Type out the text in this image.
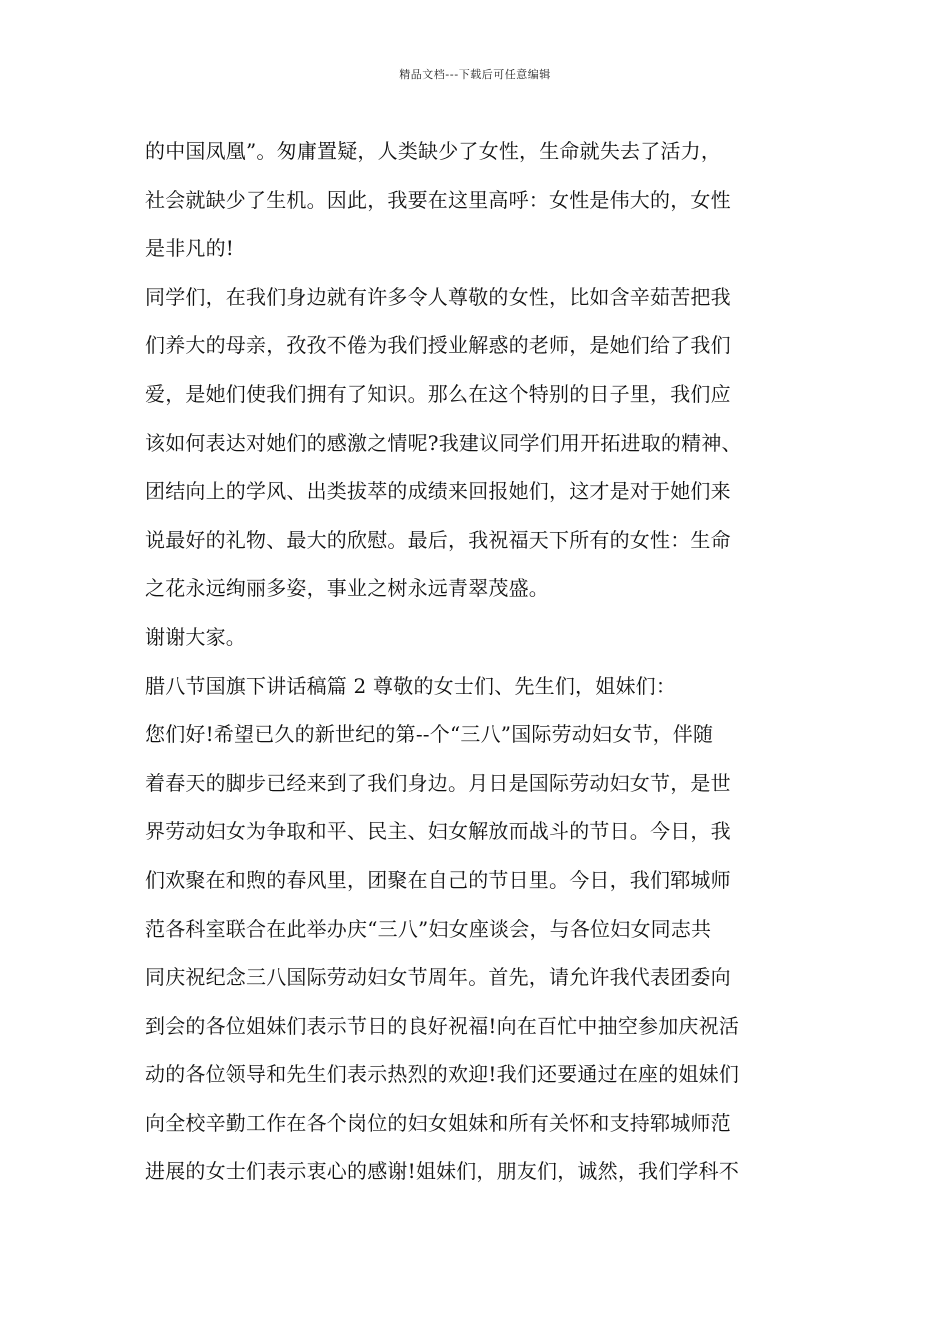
精品文档---下载后可任意编辑
的中国凤凰”。匆庸置疑，人类缺少了女性，生命就失去了活力，
社会就缺少了生机。因此，我要在这里高呼：女性是伟大的，女性
是非凡的!
同学们，在我们身边就有许多令人尊敬的女性，比如含辛茹苦把我
们养大的母亲，孜孜不倦为我们授业解惑的老师，是她们给了我们
爱，是她们使我们拥有了知识。那么在这个特别的日子里，我们应
该如何表达对她们的感激之情呢?我建议同学们用开拓进取的精神、
团结向上的学风、出类拔萃的成绩来回报她们，这才是对于她们来
说最好的礼物、最大的欣慰。最后，我祝福天下所有的女性：生命
之花永远绚丽多姿，事业之树永远青翠茂盛。
谢谢大家。
腊八节国旗下讲话稿篇 2 尊敬的女士们、先生们，姐妹们：
您们好!希望已久的新世纪的第--个“三八”国际劳动妇女节，伴随
着春天的脚步已经来到了我们身边。月日是国际劳动妇女节，是世
界劳动妇女为争取和平、民主、妇女解放而战斗的节日。今日，我
们欢聚在和煦的春风里，团聚在自己的节日里。今日，我们郓城师
范各科室联合在此举办庆“三八”妇女座谈会，与各位妇女同志共
同庆祝纪念三八国际劳动妇女节周年。首先，请允许我代表团委向
到会的各位姐妹们表示节日的良好祝福!向在百忙中抽空参加庆祝活
动的各位领导和先生们表示热烈的欢迎!我们还要通过在座的姐妹们
向全校辛勤工作在各个岗位的妇女姐妹和所有关怀和支持郓城师范
进展的女士们表示衷心的感谢!姐妹们，朋友们，诚然，我们学科不
